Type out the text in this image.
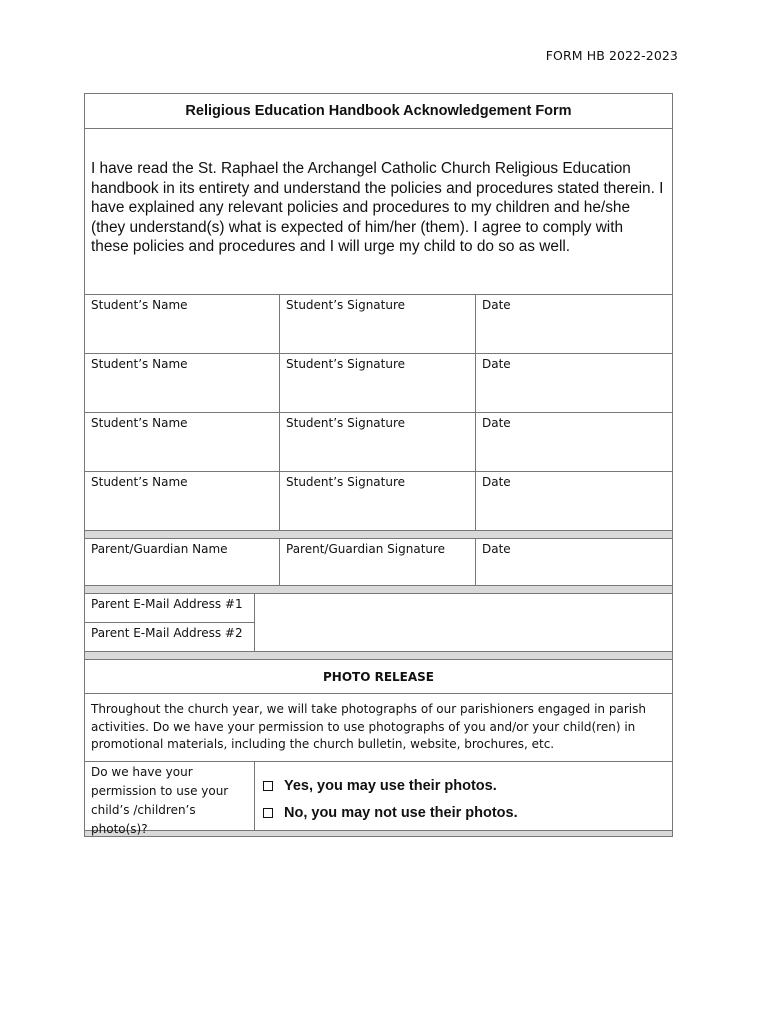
FORM HB 2022-2023
Religious Education Handbook Acknowledgement Form
I have read the St. Raphael the Archangel Catholic Church Religious Education handbook in its entirety and understand the policies and procedures stated therein. I have explained any relevant policies and procedures to my children and he/she (they understand(s) what is expected of him/her (them). I agree to comply with these policies and procedures and I will urge my child to do so as well.
Student’s Name	Student’s Signature	Date
Student’s Name	Student’s Signature	Date
Student’s Name	Student’s Signature	Date
Student’s Name	Student’s Signature	Date
Parent/Guardian Name	Parent/Guardian Signature	Date
Parent E-Mail Address #1
Parent E-Mail Address #2
PHOTO RELEASE
Throughout the church year, we will take photographs of our parishioners engaged in parish activities. Do we have your permission to use photographs of you and/or your child(ren) in promotional materials, including the church bulletin, website, brochures, etc.
Do we have your permission to use your child’s /children’s photo(s)?
Yes, you may use their photos.
No, you may not use their photos.
